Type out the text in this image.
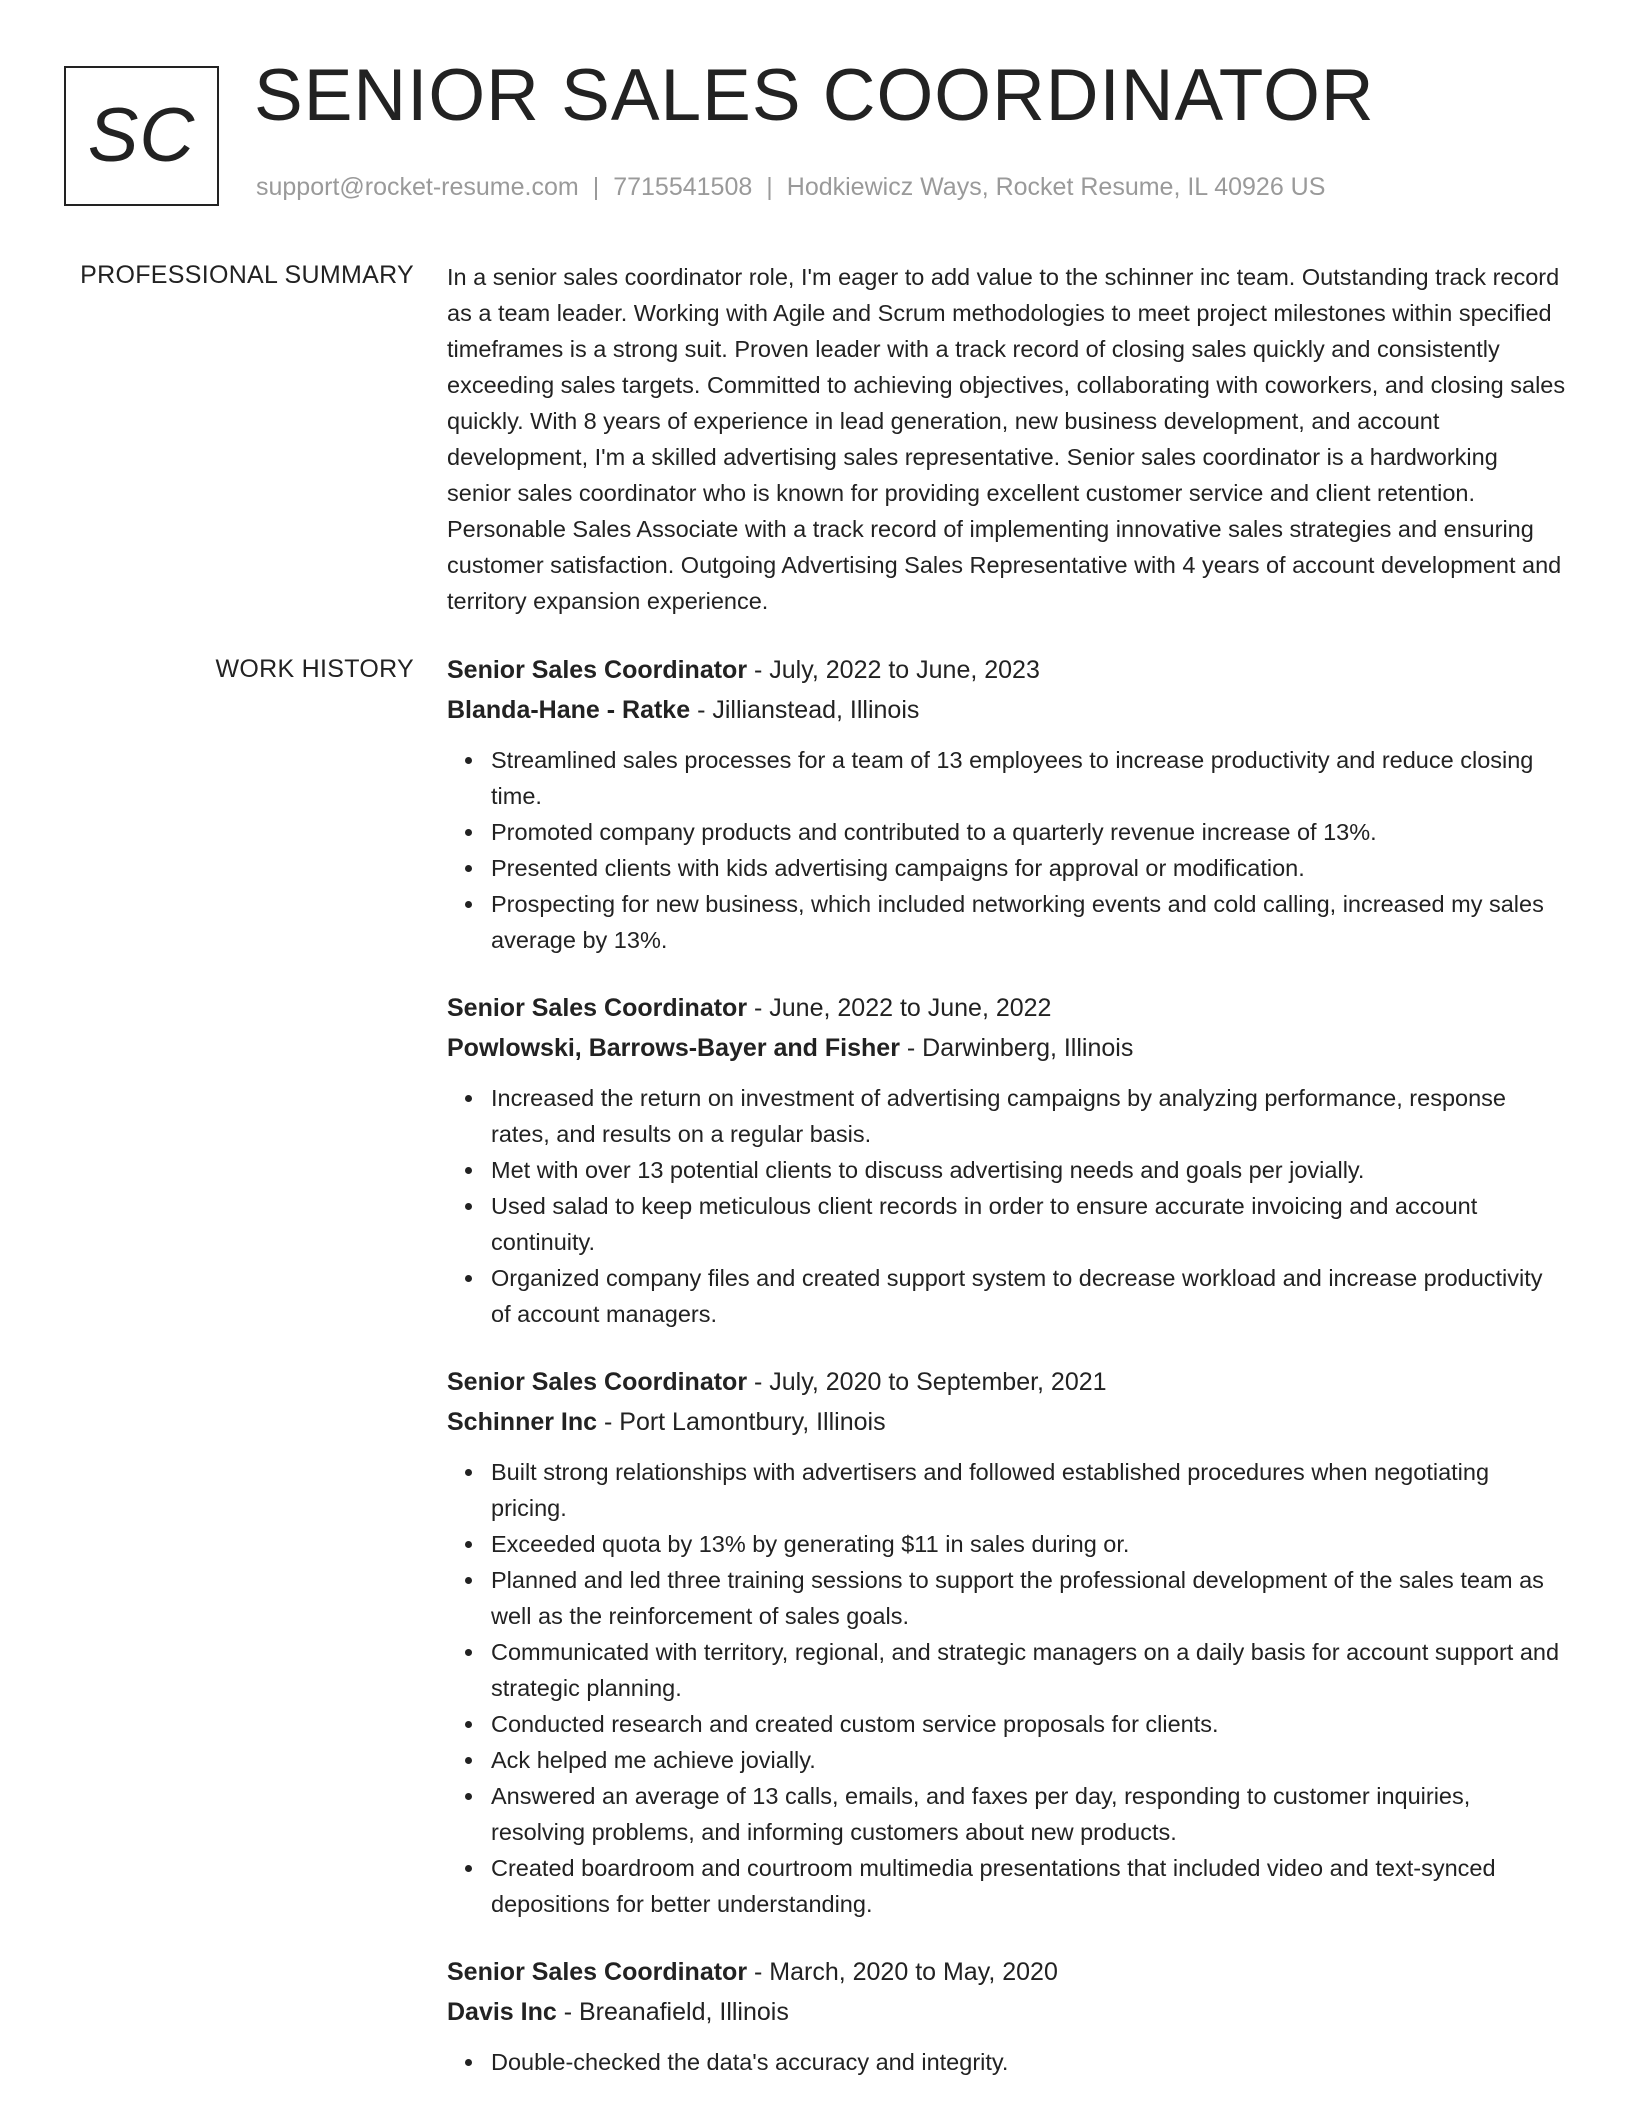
SC SENIOR SALES COORDINATOR
support@rocket-resume.com | 7715541508 | Hodkiewicz Ways, Rocket Resume, IL 40926 US
PROFESSIONAL SUMMARY In a senior sales coordinator role, I'm eager to add value to the schinner inc team. Outstanding track record as a team leader. Working with Agile and Scrum methodologies to meet project milestones within specified timeframes is a strong suit. Proven leader with a track record of closing sales quickly and consistently exceeding sales targets. Committed to achieving objectives, collaborating with coworkers, and closing sales quickly. With 8 years of experience in lead generation, new business development, and account development, I'm a skilled advertising sales representative. Senior sales coordinator is a hardworking senior sales coordinator who is known for providing excellent customer service and client retention. Personable Sales Associate with a track record of implementing innovative sales strategies and ensuring customer satisfaction. Outgoing Advertising Sales Representative with 4 years of account development and territory expansion experience.

WORK HISTORY Senior Sales Coordinator - July, 2022 to June, 2023
Blanda-Hane - Ratke - Jillianstead, Illinois
Streamlined sales processes for a team of 13 employees to increase productivity and reduce closing time.
Promoted company products and contributed to a quarterly revenue increase of 13%.
Presented clients with kids advertising campaigns for approval or modification.
Prospecting for new business, which included networking events and cold calling, increased my sales average by 13%.
Senior Sales Coordinator - June, 2022 to June, 2022
Powlowski, Barrows-Bayer and Fisher - Darwinberg, Illinois
Increased the return on investment of advertising campaigns by analyzing performance, response rates, and results on a regular basis.
Met with over 13 potential clients to discuss advertising needs and goals per jovially.
Used salad to keep meticulous client records in order to ensure accurate invoicing and account continuity.
Organized company files and created support system to decrease workload and increase productivity of account managers.
Senior Sales Coordinator - July, 2020 to September, 2021
Schinner Inc - Port Lamontbury, Illinois
Built strong relationships with advertisers and followed established procedures when negotiating pricing.
Exceeded quota by 13% by generating $11 in sales during or.
Planned and led three training sessions to support the professional development of the sales team as well as the reinforcement of sales goals.
Communicated with territory, regional, and strategic managers on a daily basis for account support and strategic planning.
Conducted research and created custom service proposals for clients.
Ack helped me achieve jovially.
Answered an average of 13 calls, emails, and faxes per day, responding to customer inquiries, resolving problems, and informing customers about new products.
Created boardroom and courtroom multimedia presentations that included video and text-synced depositions for better understanding.
Senior Sales Coordinator - March, 2020 to May, 2020
Davis Inc - Breanafield, Illinois
Double-checked the data's accuracy and integrity.
